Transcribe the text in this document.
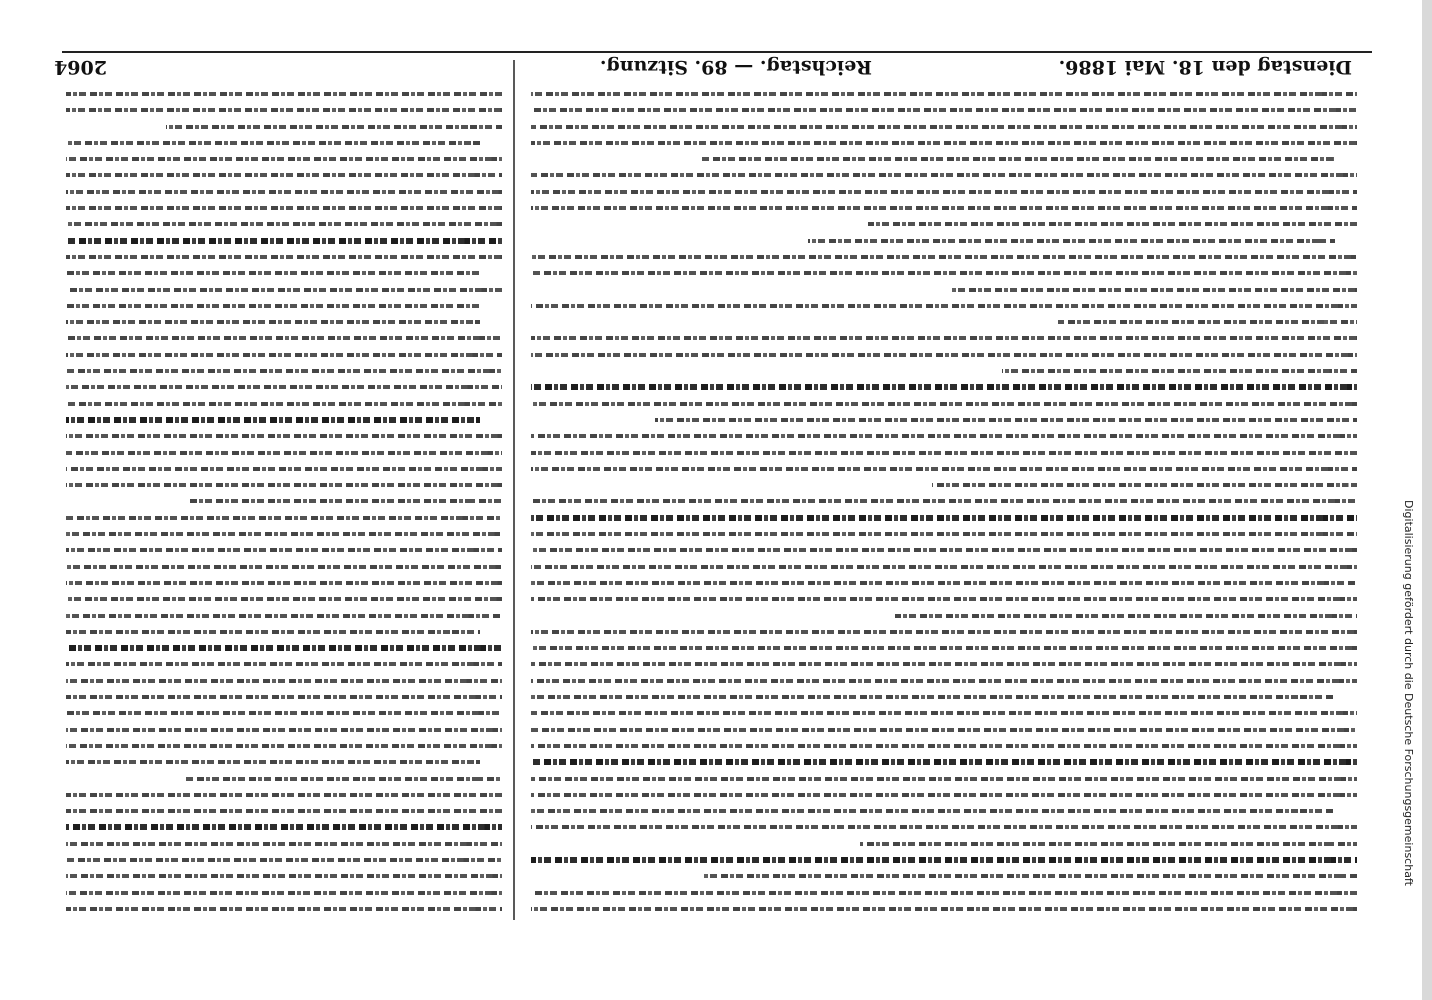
Dienstag den 18. Mai 1886.
Reichstag. — 89. Sitzung.
2064
Digitalisierung gefördert durch die Deutsche Forschungsgemeinschaft
